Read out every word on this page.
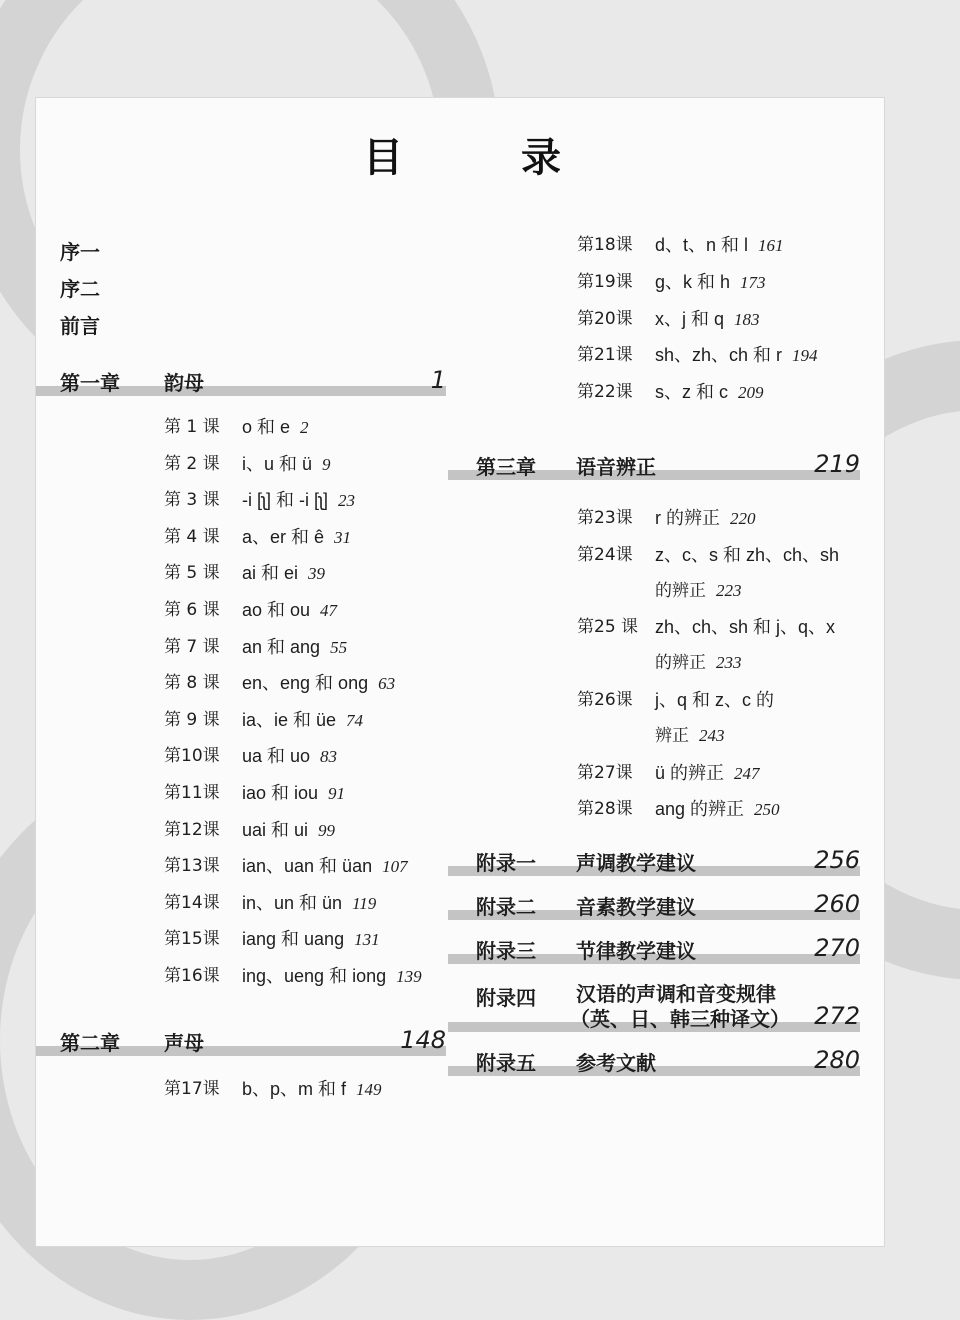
目 录
序一
序二
前言
第一章 韵母	1
第 1 课 o 和 e 2
第 2 课 i、u 和 ü 9
第 3 课 -i [ʅ] 和 -i [ʅ] 23
第 4 课 a、er 和 ê 31
第 5 课 ai 和 ei 39
第 6 课 ao 和 ou 47
第 7 课 an 和 ang 55
第 8 课 en、eng 和 ong 63
第 9 课 ia、ie 和 üe 74
第10课 ua 和 uo 83
第11课 iao 和 iou 91
第12课 uai 和 ui 99
第13课 ian、uan 和 üan 107
第14课 in、un 和 ün 119
第15课 iang 和 uang 131
第16课 ing、ueng 和 iong 139
第二章 声母	148
第17课 b、p、m 和 f 149
第18课 d、t、n 和 l 161
第19课 g、k 和 h 173
第20课 x、j 和 q 183
第21课 sh、zh、ch 和 r 194
第22课 s、z 和 c 209
第三章 语音辨正	219
第23课 r 的辨正 220
第24课 z、c、s 和 zh、ch、sh
的辨正 223
第25 课 zh、ch、sh 和 j、q、x
的辨正 233
第26课 j、q 和 z、c 的
辨正 243
第27课 ü 的辨正 247
第28课 ang 的辨正 250
附录一 声调教学建议	256
附录二 音素教学建议	260
附录三 节律教学建议	270
附录四 汉语的声调和音变规律
（英、日、韩三种译文） 272
附录五 参考文献	280
